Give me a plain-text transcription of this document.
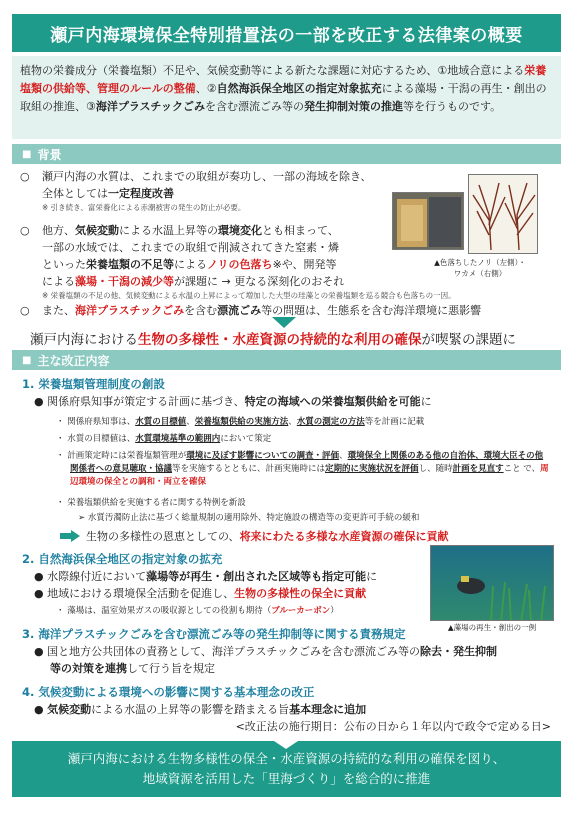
瀬戸内海環境保全特別措置法の一部を改正する法律案の概要
植物の栄養成分（栄養塩類）不足や、気候変動等による新たな課題に対応するため、①地域合意による栄養塩類の供給等、管理のルールの整備、②自然海浜保全地区の指定対象拡充による藻場・干潟の再生・創出の取組の推進、③海洋プラスチックごみを含む漂流ごみ等の発生抑制対策の推進等を行うものです。
■ 背景
○ 瀬戸内海の水質は、これまでの取組が奏功し、一部の海域を除き、
全体としては一定程度改善
※ 引き続き、富栄養化による赤潮被害の発生の防止が必要。
○ 他方、気候変動による水温上昇等の環境変化とも相まって、
一部の水域では、これまでの取組で削減されてきた窒素・燐
といった栄養塩類の不足等によるノリの色落ち※や、開発等
による藻場・干潟の減少等が課題に → 更なる深刻化のおそれ
※ 栄養塩類の不足の他、気候変動による水温の上昇によって増加した大型の珪藻との栄養塩類を巡る競合も色落ちの一因。
○	また、海洋プラスチックごみを含む漂流ごみ等の問題は、生態系を含む海洋環境に悪影響
▲色落ちしたノリ（左側）・
ワカメ（右側）
瀬戸内海における生物の多様性・水産資源の持続的な利用の確保が喫緊の課題に
■ 主な改正内容
1. 栄養塩類管理制度の創設
● 関係府県知事が策定する計画に基づき、特定の海域への栄養塩類供給を可能に
・ 関係府県知事は、水質の目標値、栄養塩類供給の実施方法、水質の測定の方法等を計画に記載
・ 水質の目標値は、水質環境基準の範囲内において策定
・ 計画策定時には栄養塩類管理が環境に及ぼす影響についての調査・評価、環境保全上関係のある他の自治体、環境大臣その他関係者への意見聴取・協議等を実施するとともに、計画実施時には定期的に実施状況を評価し、随時計画を見直すこと で、周辺環境の保全との調和・両立を確保
・ 栄養塩類供給を実施する者に関する特例を新設
➢ 水質汚濁防止法に基づく総量規制の適用除外、特定施設の構造等の変更許可手続の緩和
生物の多様性の恩恵としての、 将来にわたる多様な水産資源の確保に貢献
2. 自然海浜保全地区の指定対象の拡充
● 水際線付近において藻場等が再生・創出された区域等も指定可能に
● 地域における環境保全活動を促進し、生物の多様性の保全に貢献
・ 藻場は、温室効果ガスの吸収源としての役割も期待（ブルーカーボン）
▲藻場の再生・創出の一例
3. 海洋プラスチックごみを含む漂流ごみ等の発生抑制等に関する責務規定
● 国と地方公共団体の責務として、海洋プラスチックごみを含む漂流ごみ等の除去・発生抑制
等の対策を連携して行う旨を規定
4. 気候変動による環境への影響に関する基本理念の改正
● 気候変動による水温の上昇等の影響を踏まえる旨基本理念に追加
<改正法の施行期日：公布の日から１年以内で政令で定める日>
瀬戸内海における生物多様性の保全・水産資源の持続的な利用の確保を図り、
地域資源を活用した「里海づくり」を総合的に推進
